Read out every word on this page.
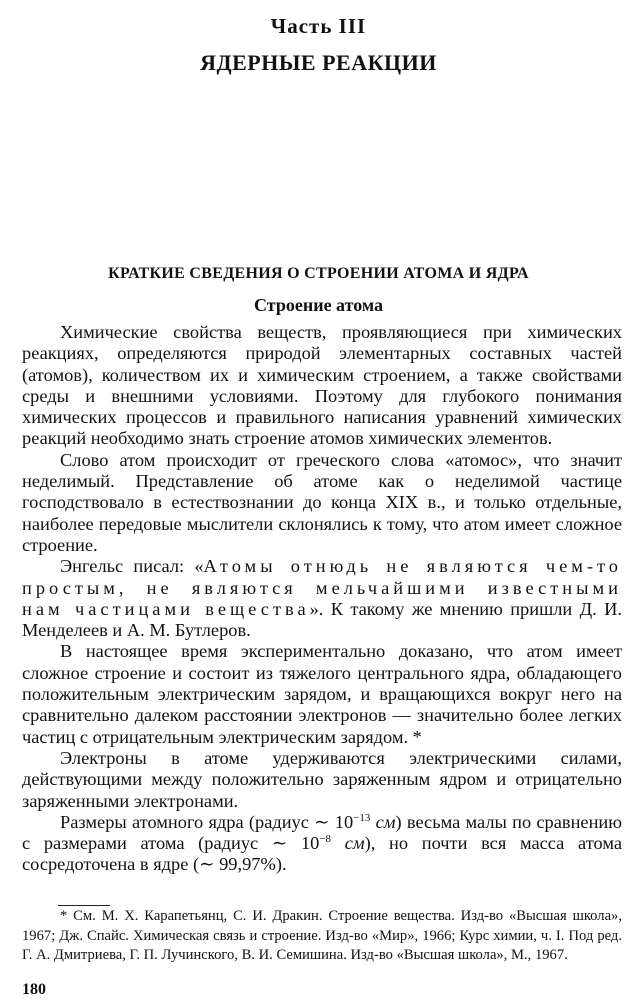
Часть III
ЯДЕРНЫЕ РЕАКЦИИ
КРАТКИЕ СВЕДЕНИЯ О СТРОЕНИИ АТОМА И ЯДРА
Строение атома

Химические свойства веществ, проявляющиеся при химических реакциях, определяются природой элементарных составных частей (атомов), количеством их и химическим строением, а также свойствами среды и внешними условиями. Поэтому для глубокого понимания химических процессов и правильного написания уравнений химических реакций необходимо знать строение атомов химических элементов.

Слово атом происходит от греческого слова «атомос», что значит неделимый. Представление об атоме как о неделимой частице господствовало в естествознании до конца XIX в., и только отдельные, наиболее передовые мыслители склонялись к тому, что атом имеет сложное строение.

Энгельс писал: «Атомы отнюдь не являются чем-то простым, не являются мельчайшими известными нам частицами вещества». К такому же мнению пришли Д. И. Менделеев и А. М. Бутлеров.

В настоящее время экспериментально доказано, что атом имеет сложное строение и состоит из тяжелого центрального ядра, обладающего положительным электрическим зарядом, и вращающихся вокруг него на сравнительно далеком расстоянии электронов — значительно более легких частиц с отрицательным электрическим зарядом. *

Электроны в атоме удерживаются электрическими силами, действующими между положительно заряженным ядром и отрицательно заряженными электронами.

Размеры атомного ядра (радиус ∼ $10^{-13}$ см) весьма малы по сравнению с размерами атома (радиус ∼ $10^{-8}$ см), но почти вся масса атома сосредоточена в ядре (∼ 99,97%).

* См. М. Х. Карапетьянц, С. И. Дракин. Строение вещества. Изд-во «Высшая школа», 1967; Дж. Спайс. Химическая связь и строение. Изд-во «Мир», 1966; Курс химии, ч. I. Под ред. Г. А. Дмитриева, Г. П. Лучинского, В. И. Семишина. Изд-во «Высшая школа», М., 1967.
180
